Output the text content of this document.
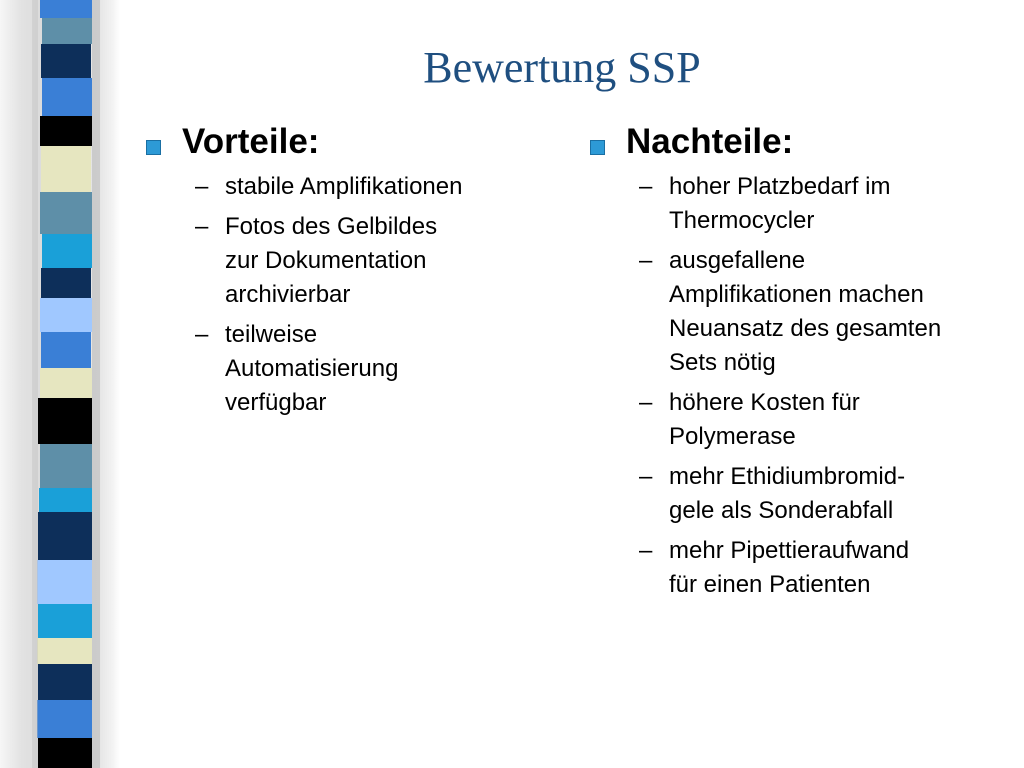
Bewertung SSP
Vorteile:
– stabile Amplifikationen
– Fotos des Gelbildes
zur Dokumentation
archivierbar
– teilweise
Automatisierung
verfügbar
Nachteile:
– hoher Platzbedarf im
Thermocycler
– ausgefallene
Amplifikationen machen
Neuansatz des gesamten
Sets nötig
– höhere Kosten für
Polymerase
– mehr Ethidiumbromid-
gele als Sonderabfall
– mehr Pipettieraufwand
für einen Patienten
